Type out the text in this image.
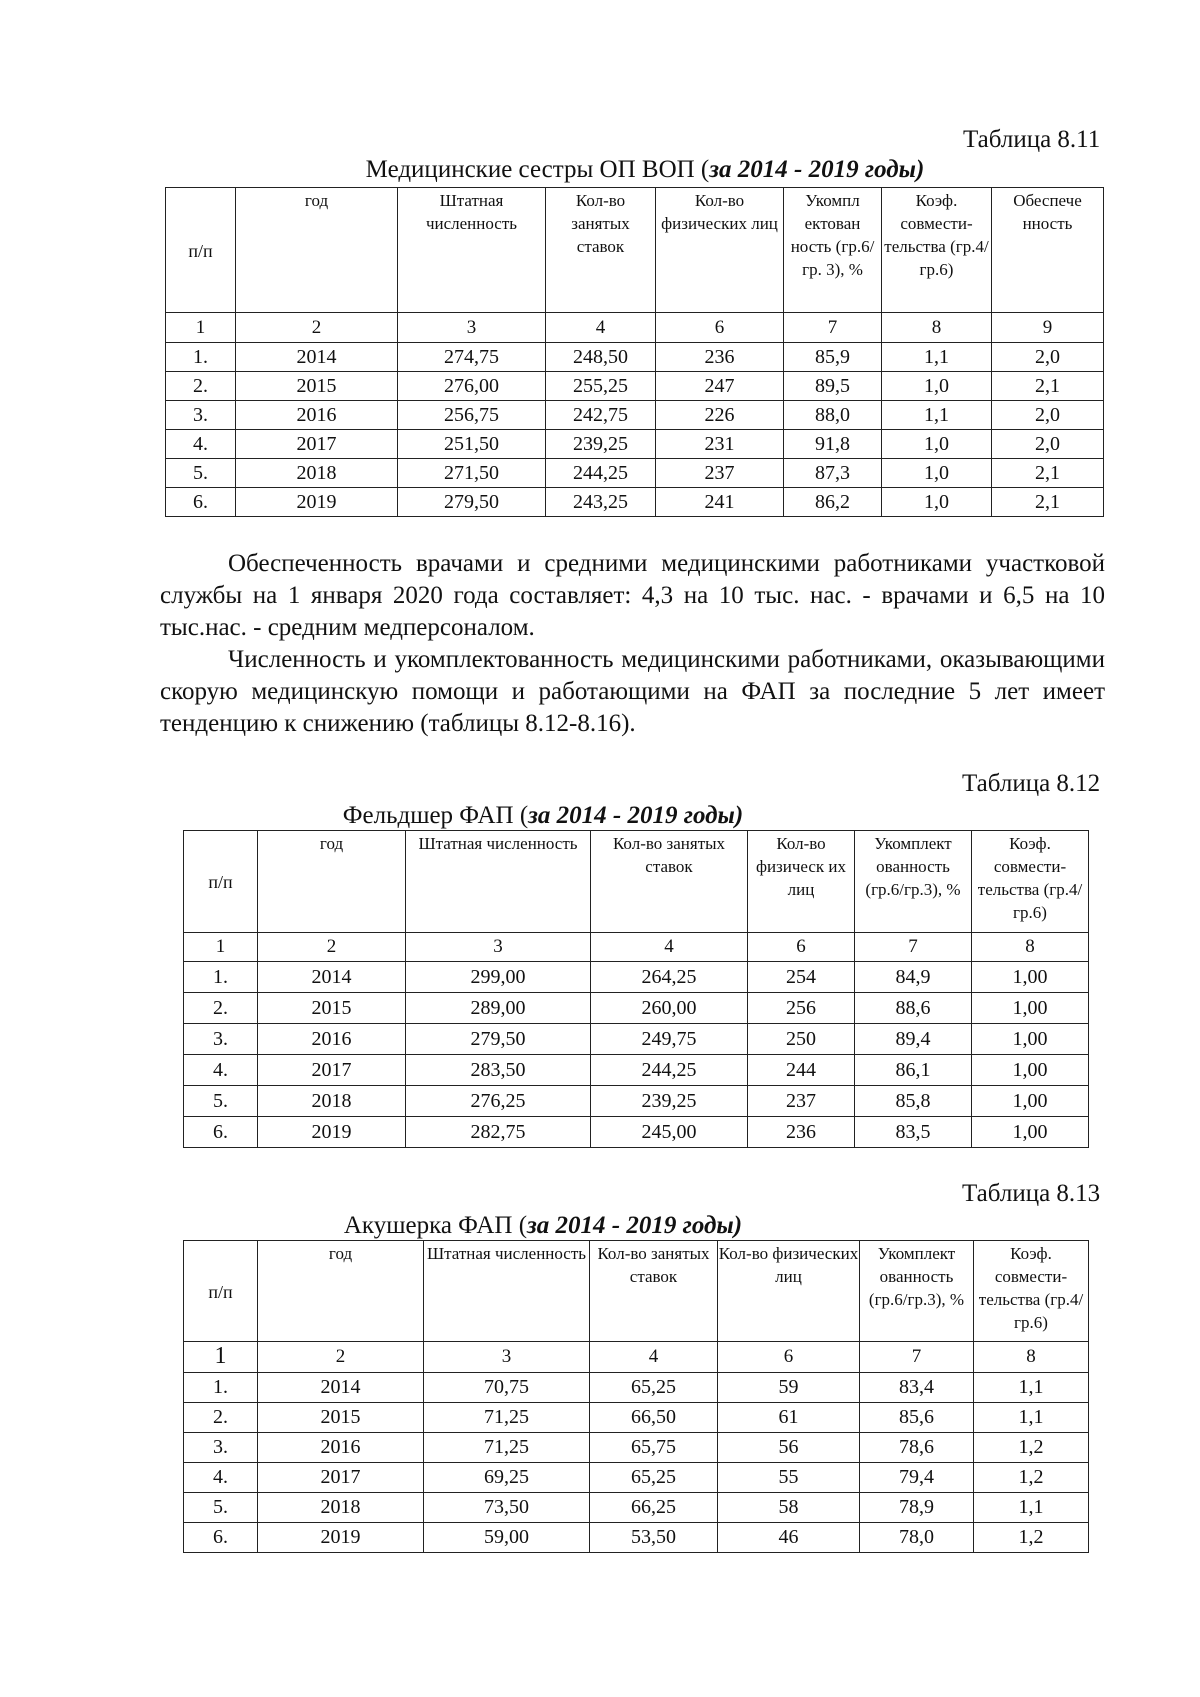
Таблица 8.11
Медицинские сестры ОП ВОП (за 2014 - 2019 годы)
п/п	год	Штатная численность	Кол-во занятых ставок	Кол-во физических лиц	Укомпл ектован ность (гр.6/гр. 3), %	Коэф. совмести-тельства (гр.4/гр.6)	Обеспече нность
1	2	3	4	6	7	8	9
1.	2014	274,75	248,50	236	85,9	1,1	2,0
2.	2015	276,00	255,25	247	89,5	1,0	2,1
3.	2016	256,75	242,75	226	88,0	1,1	2,0
4.	2017	251,50	239,25	231	91,8	1,0	2,0
5.	2018	271,50	244,25	237	87,3	1,0	2,1
6.	2019	279,50	243,25	241	86,2	1,0	2,1

Обеспеченность врачами и средними медицинскими работниками участковой службы на 1 января 2020 года составляет: 4,3 на 10 тыс. нас. - врачами и 6,5 на 10 тыс.нас. - средним медперсоналом.

Численность и укомплектованность медицинскими работниками, оказывающими скорую медицинскую помощи и работающими на ФАП за последние 5 лет имеет тенденцию к снижению (таблицы 8.12-8.16).

Таблица 8.12
Фельдшер ФАП (за 2014 - 2019 годы)
п/п	год	Штатная численность	Кол-во занятых ставок	Кол-во физическ их лиц	Укомплект ованность (гр.6/гр.3), %	Коэф. совмести-тельства (гр.4/гр.6)
1	2	3	4	6	7	8
1.	2014	299,00	264,25	254	84,9	1,00
2.	2015	289,00	260,00	256	88,6	1,00
3.	2016	279,50	249,75	250	89,4	1,00
4.	2017	283,50	244,25	244	86,1	1,00
5.	2018	276,25	239,25	237	85,8	1,00
6.	2019	282,75	245,00	236	83,5	1,00
Таблица 8.13
Акушерка ФАП (за 2014 - 2019 годы)
п/п	год	Штатная численность	Кол-во занятых ставок	Кол-во физических лиц	Укомплект ованность (гр.6/гр.3), %	Коэф. совмести-тельства (гр.4/гр.6)
1	2	3	4	6	7	8
1.	2014	70,75	65,25	59	83,4	1,1
2.	2015	71,25	66,50	61	85,6	1,1
3.	2016	71,25	65,75	56	78,6	1,2
4.	2017	69,25	65,25	55	79,4	1,2
5.	2018	73,50	66,25	58	78,9	1,1
6.	2019	59,00	53,50	46	78,0	1,2
